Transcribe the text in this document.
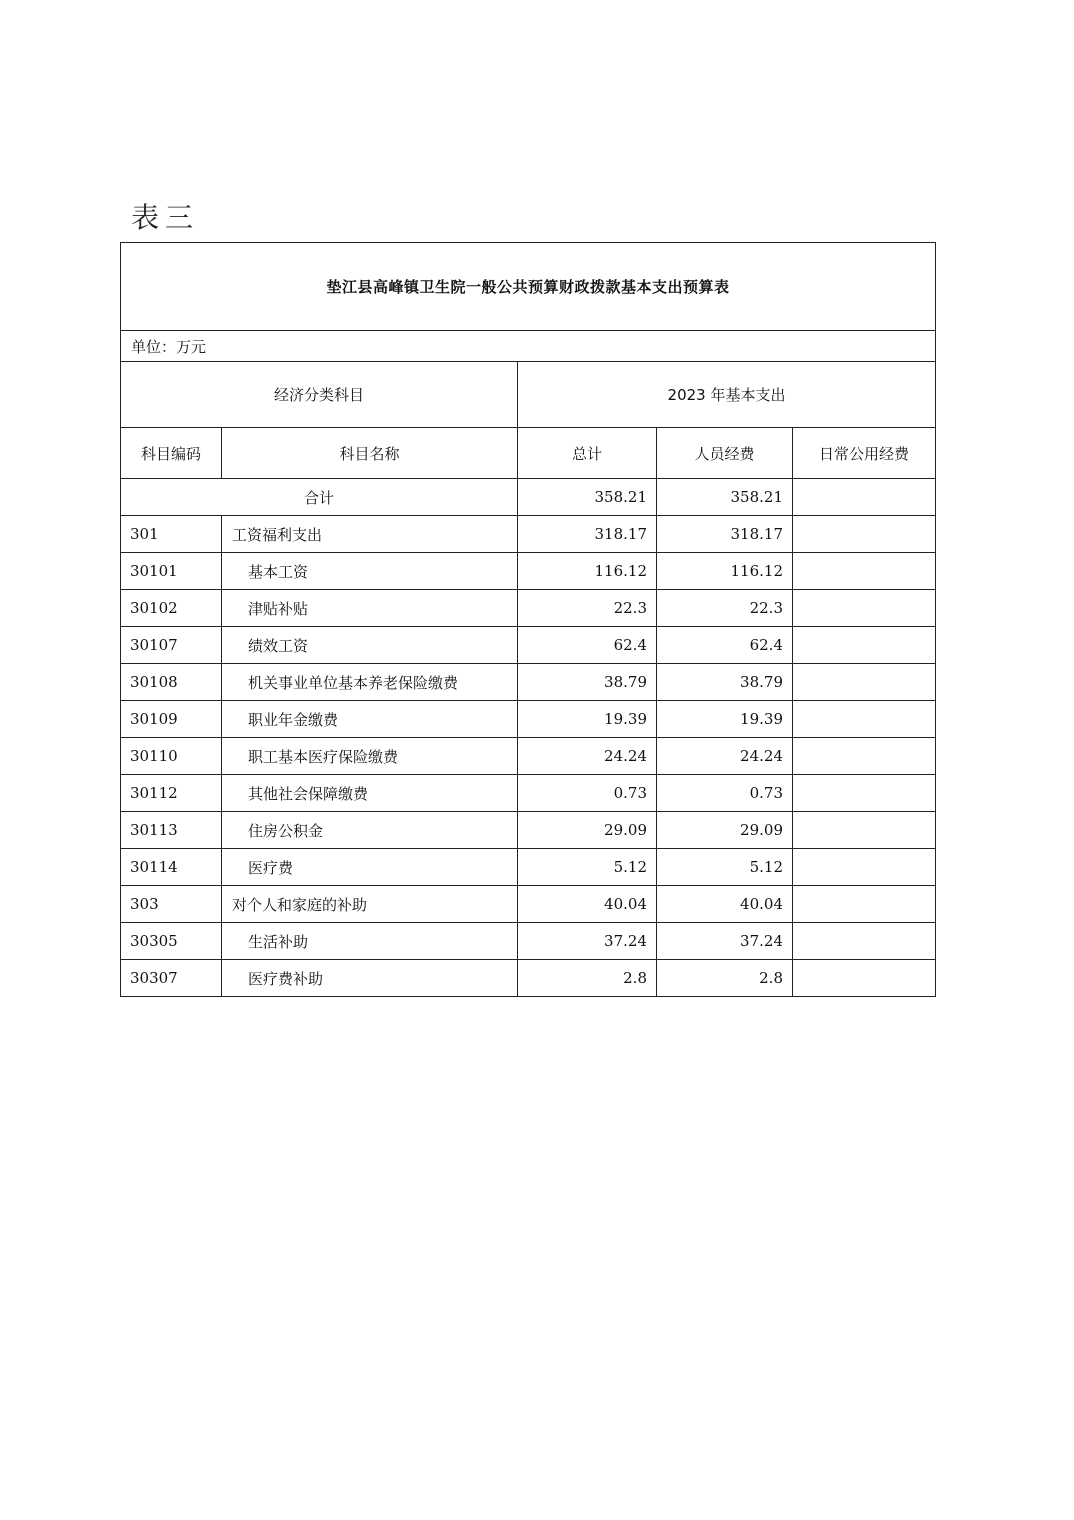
表三
垫江县高峰镇卫生院一般公共预算财政拨款基本支出预算表				
单位：万元				
经济分类科目		2023 年基本支出		
科目编码	科目名称	总计	人员经费	日常公用经费
合计		358.21	358.21	
301	工资福利支出	318.17	318.17	
30101	基本工资	116.12	116.12	
30102	津贴补贴	22.3	22.3	
30107	绩效工资	62.4	62.4	
30108	机关事业单位基本养老保险缴费	38.79	38.79	
30109	职业年金缴费	19.39	19.39	
30110	职工基本医疗保险缴费	24.24	24.24	
30112	其他社会保障缴费	0.73	0.73	
30113	住房公积金	29.09	29.09	
30114	医疗费	5.12	5.12	
303	对个人和家庭的补助	40.04	40.04	
30305	生活补助	37.24	37.24	
30307	医疗费补助	2.8	2.8	
